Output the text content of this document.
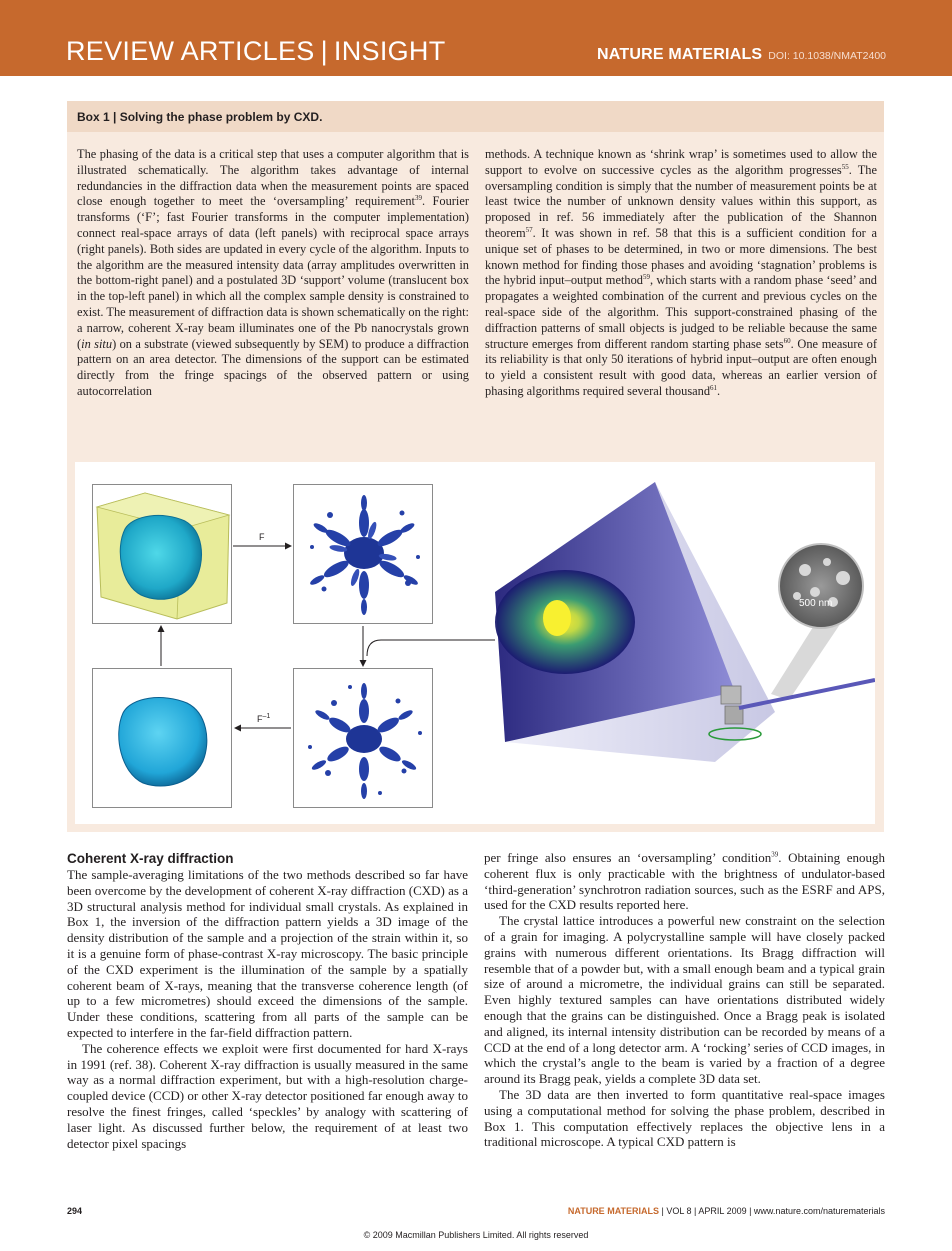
REVIEW ARTICLES | INSIGHT	NATURE MATERIALS DOI: 10.1038/NMAT2400
Box 1 | Solving the phase problem by CXD.
The phasing of the data is a critical step that uses a computer algorithm that is illustrated schematically. The algorithm takes advantage of internal redundancies in the diffraction data when the measurement points are spaced close enough together to meet the ‘oversampling’ requirement$^{39}$. Fourier transforms (‘F’; fast Fourier transforms in the computer implementation) connect real-space arrays of data (left panels) with reciprocal space arrays (right panels). Both sides are updated in every cycle of the algorithm. Inputs to the algorithm are the measured intensity data (array amplitudes overwritten in the bottom-right panel) and a postulated 3D ‘support’ volume (translucent box in the top-left panel) in which all the complex sample density is constrained to exist. The measurement of diffraction data is shown schematically on the right: a narrow, coherent X-ray beam illuminates one of the Pb nanocrystals grown (in situ) on a substrate (viewed subsequently by SEM) to produce a diffraction pattern on an area detector. The dimensions of the support can be estimated directly from the fringe spacings of the observed pattern or using autocorrelation
methods. A technique known as ‘shrink wrap’ is sometimes used to allow the support to evolve on successive cycles as the algorithm progresses$^{55}$. The oversampling condition is simply that the number of measurement points be at least twice the number of unknown density values within this support, as proposed in ref. 56 immediately after the publication of the Shannon theorem$^{57}$. It was shown in ref. 58 that this is a sufficient condition for a unique set of phases to be determined, in two or more dimensions. The best known method for finding those phases and avoiding ‘stagnation’ problems is the hybrid input–output method$^{59}$, which starts with a random phase ‘seed’ and propagates a weighted combination of the current and previous cycles on the real-space side of the algorithm. This support-constrained phasing of the diffraction patterns of small objects is judged to be reliable because the same structure emerges from different random starting phase sets$^{60}$. One measure of its reliability is that only 50 iterations of hybrid input–output are often enough to yield a consistent result with good data, whereas an earlier version of phasing algorithms required several thousand$^{61}$.
F
$F^{-1}$
500 nm
Coherent X-ray diffraction

The sample-averaging limitations of the two methods described so far have been overcome by the development of coherent X-ray diffraction (CXD) as a 3D structural analysis method for individual small crystals. As explained in Box 1, the inversion of the diffraction pattern yields a 3D image of the density distribution of the sample and a projection of the strain within it, so it is a genuine form of phase-contrast X-ray microscopy. The basic principle of the CXD experiment is the illumination of the sample by a spatially coherent beam of X-rays, meaning that the transverse coherence length (of up to a few micrometres) should exceed the dimensions of the sample. Under these conditions, scattering from all parts of the sample can be expected to interfere in the far-field diffraction pattern.

The coherence effects we exploit were first documented for hard X-rays in 1991 (ref. 38). Coherent X-ray diffraction is usually measured in the same way as a normal diffraction experiment, but with a high-resolution charge-coupled device (CCD) or other X-ray detector positioned far enough away to resolve the finest fringes, called ‘speckles’ by analogy with scattering of laser light. As discussed further below, the requirement of at least two detector pixel spacings

per fringe also ensures an ‘oversampling’ condition$^{39}$. Obtaining enough coherent flux is only practicable with the brightness of undulator-based ‘third-generation’ synchrotron radiation sources, such as the ESRF and APS, used for the CXD results reported here.

The crystal lattice introduces a powerful new constraint on the selection of a grain for imaging. A polycrystalline sample will have closely packed grains with numerous different orientations. Its Bragg diffraction will resemble that of a powder but, with a small enough beam and a typical grain size of around a micrometre, the individual grains can still be separated. Even highly textured samples can have orientations distributed widely enough that the grains can be distinguished. Once a Bragg peak is isolated and aligned, its internal intensity distribution can be recorded by means of a CCD at the end of a long detector arm. A ‘rocking’ series of CCD images, in which the crystal’s angle to the beam is varied by a fraction of a degree around its Bragg peak, yields a complete 3D data set.

The 3D data are then inverted to form quantitative real-space images using a computational method for solving the phase problem, described in Box 1. This computation effectively replaces the objective lens in a traditional microscope. A typical CXD pattern is

294	NATURE MATERIALS | VOL 8 | APRIL 2009 | www.nature.com/naturematerials
© 2009 Macmillan Publishers Limited. All rights reserved
